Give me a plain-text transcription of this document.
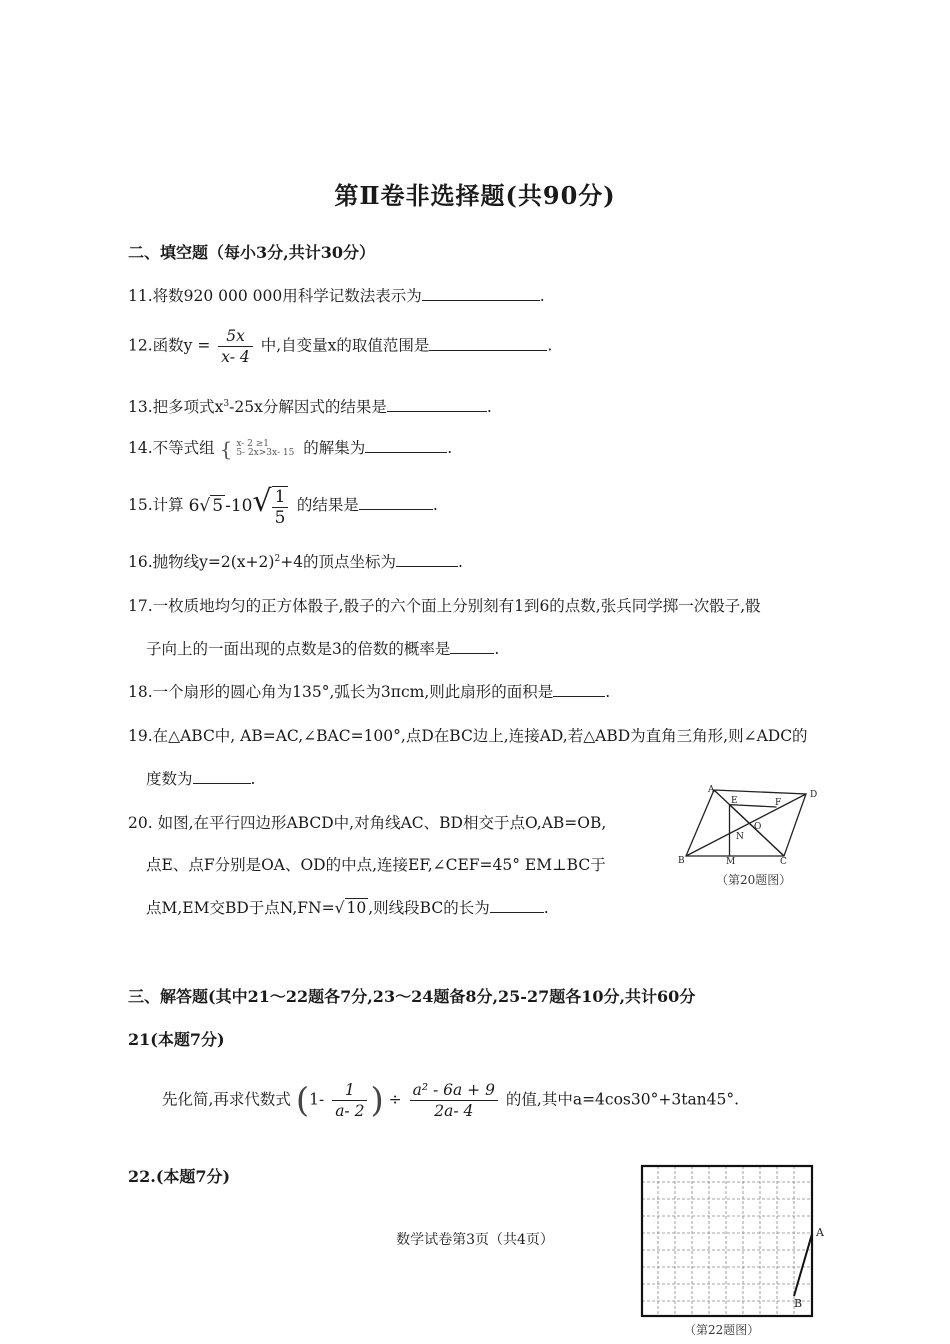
第Ⅱ卷非选择题(共90分)
二、填空题（每小3分,共计30分）
11.将数920 000 000用科学记数法表示为	.
12.函数$y = \frac{5x}{x- 4}$ 中,自变量x的取值范围是	.
13.把多项式$x^3-25x$分解因式的结果是	.
14.不等式组 { x- 2 ≥1
5- 2x>3x- 15 的解集为	.
15.计算 6√ 5 $-10√ \frac{1}{5}$ 的结果是	.
16.抛物线$y=2(x+2)^2+4$的顶点坐标为	.
17.一枚质地均匀的正方体骰子,骰子的六个面上分别刻有1到6的点数,张兵同学掷一次骰子,骰
子向上的一面出现的点数是3的倍数的概率是	.
18.一个扇形的圆心角为135°,弧长为3πcm,则此扇形的面积是	.
19.在△ABC中, AB=AC,∠BAC=100°,点D在BC边上,连接AD,若△ABD为直角三角形,则∠ADC的
度数为	.
20. 如图,在平行四边形ABCD中,对角线AC、BD相交于点O,AB=OB,
点E、点F分别是OA、OD的中点,连接EF,∠CEF=45° EM⊥BC于
点M,EM交BD于点N,FN=√ 10 ,则线段BC的长为	.
A	D
B	C
E	F
O
N
M
（第20题图）
三、解答题(其中21～22题各7分,23～24题备8分,25-27题各10分,共计60分
21(本题7分)
先化简,再求代数式 ($1- \frac{1}{a- 2}$ ) ÷ $\frac{\text{a² - 6a + 9}}{2a- 4}$ 的值,其中a=4cos30°+3tan45°.
22.(本题7分)
A
B
（第22题图）
数学试卷第3页（共4页）
